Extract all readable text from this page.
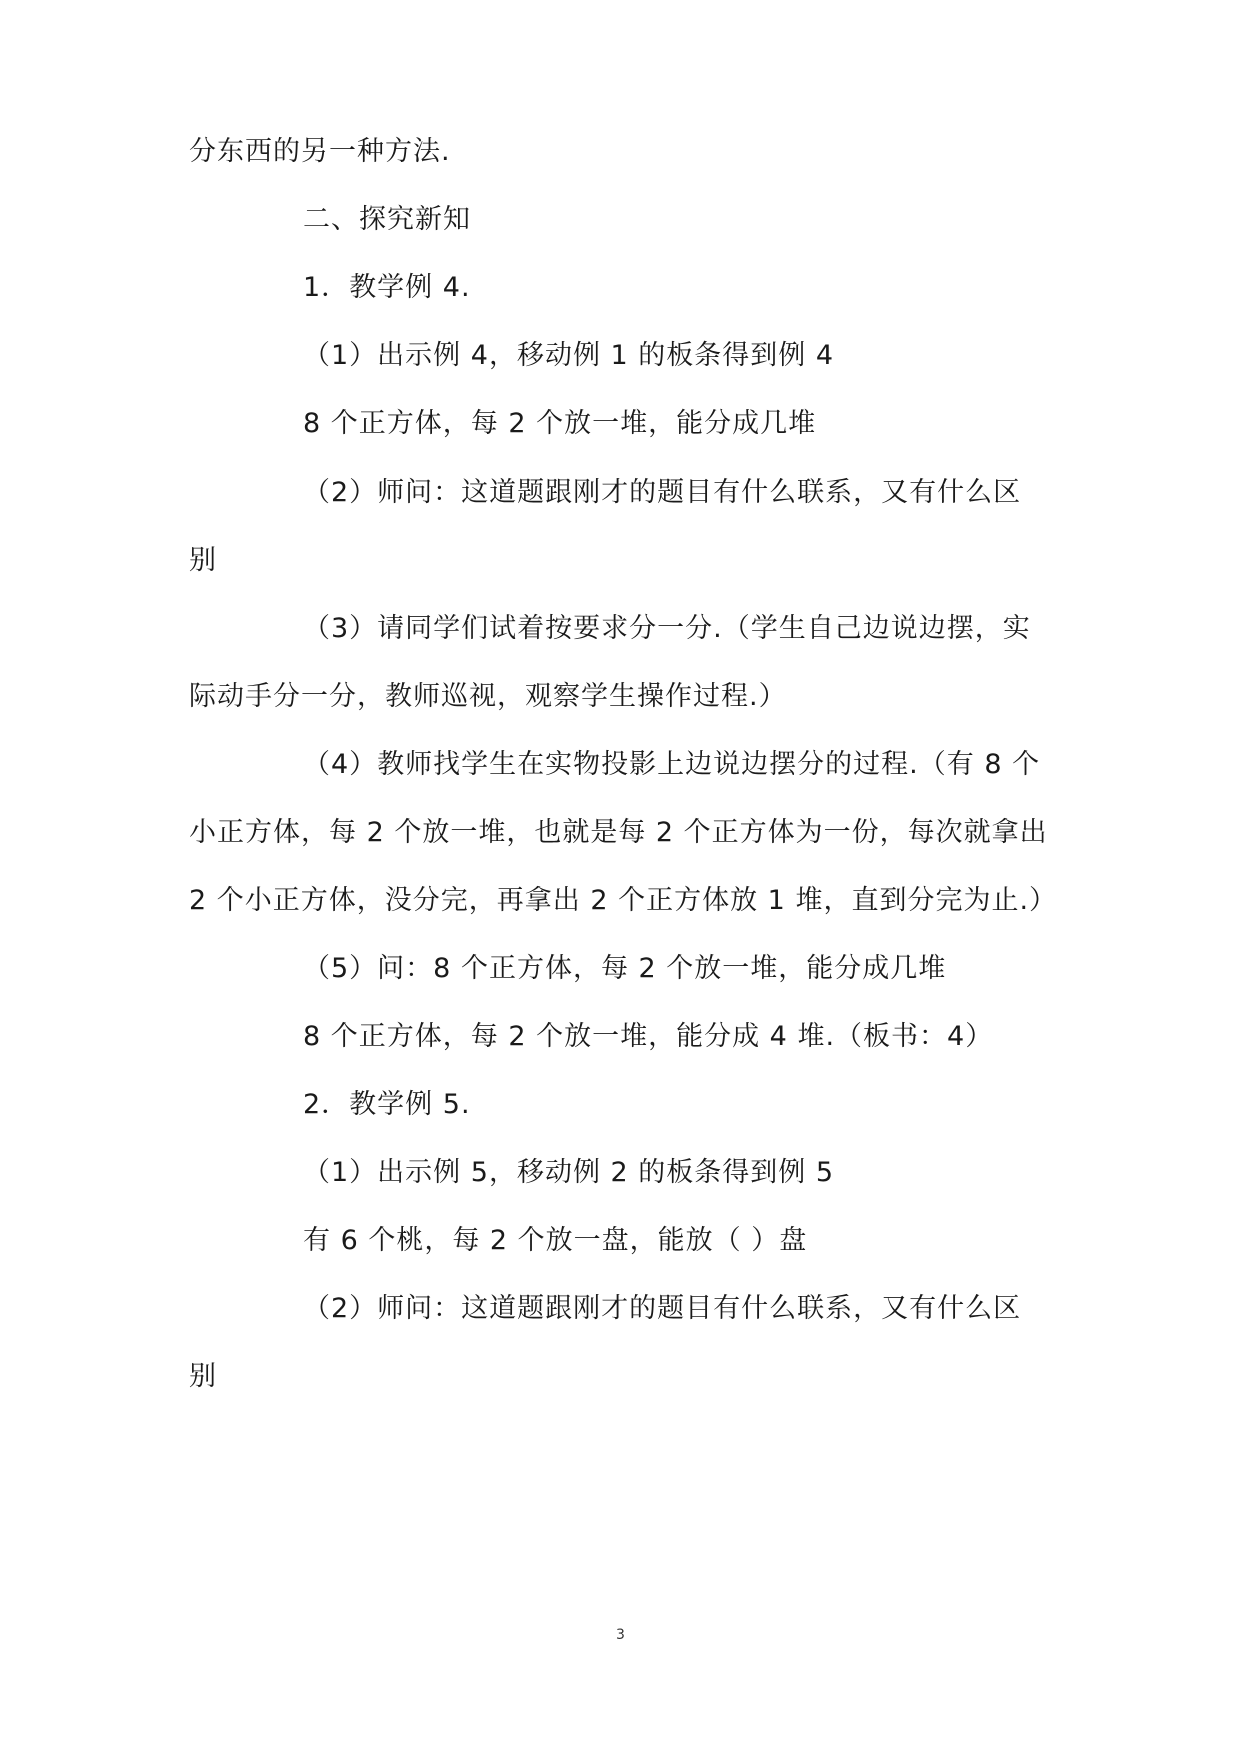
分东西的另一种方法.
二、探究新知
1．教学例 4.
（1）出示例 4，移动例 1 的板条得到例 4
8 个正方体，每 2 个放一堆，能分成几堆
（2）师问：这道题跟刚才的题目有什么联系，又有什么区
别
（3）请同学们试着按要求分一分.（学生自己边说边摆，实
际动手分一分，教师巡视，观察学生操作过程.）
（4）教师找学生在实物投影上边说边摆分的过程.（有 8 个
小正方体，每 2 个放一堆，也就是每 2 个正方体为一份，每次就拿出
2 个小正方体，没分完，再拿出 2 个正方体放 1 堆，直到分完为止.）
（5）问：8 个正方体，每 2 个放一堆，能分成几堆
8 个正方体，每 2 个放一堆，能分成 4 堆.（板书：4）
2．教学例 5.
（1）出示例 5，移动例 2 的板条得到例 5
有 6 个桃，每 2 个放一盘，能放（ ）盘
（2）师问：这道题跟刚才的题目有什么联系，又有什么区
别
3
